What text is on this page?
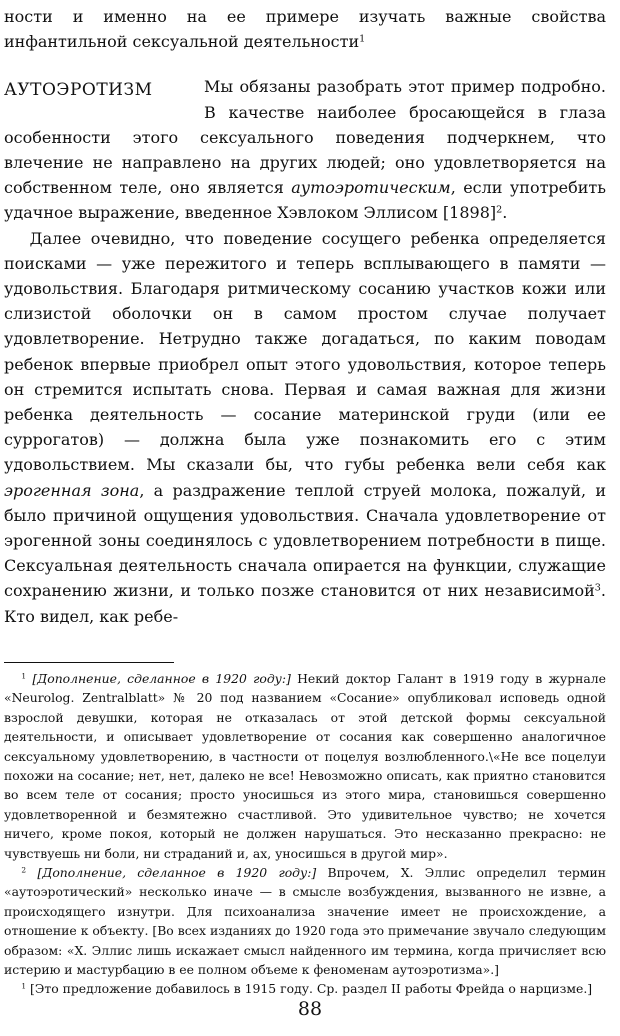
ности и именно на ее примере изучать важные свойства инфантильной сексуальной деятельности$^1$

АУТОЭРОТИЗМ	Мы обязаны разобрать этот пример подробно. В качестве наиболее бросающейся в глаза особенности этого сексуального поведения подчеркнем, что влечение не направлено на других людей; оно удовлетворяется на собственном теле, оно является аутоэротическим, если употребить удачное выражение, введенное Хэвлоком Эллисом $[1898]^2$.

Далее очевидно, что поведение сосущего ребенка определяется поисками — уже пережитого и теперь всплывающего в памяти — удовольствия. Благодаря ритмическому сосанию участков кожи или слизистой оболочки он в самом простом случае получает удовлетворение. Нетрудно также догадаться, по каким поводам ребенок впервые приобрел опыт этого удовольствия, которое теперь он стремится испытать снова. Первая и самая важная для жизни ребенка деятельность — сосание материнской груди (или ее суррогатов) — должна была уже познакомить его с этим удовольствием. Мы сказали бы, что губы ребенка вели себя как эрогенная зона, а раздражение теплой струей молока, пожалуй, и было причиной ощущения удовольствия. Сначала удовлетворение от эрогенной зоны соединялось с удовлетворением потребности в пище. Сексуальная деятельность сначала опирается на функции, служащие сохранению жизни, и только позже становится от них независимой$^3$. Кто видел, как ребе-

$^1$ [Дополнение, сделанное в 1920 году:] Некий доктор Галант в 1919 году в журнале «Neurolog. Zentralblatt» № 20 под названием «Сосание» опубликовал исповедь одной взрослой девушки, которая не отказалась от этой детской формы сексуальной деятельности, и описывает удовлетворение от сосания как совершенно аналогичное сексуальному удовлетворению, в частности от поцелуя возлюбленного.\«Не все поцелуи похожи на сосание; нет, нет, далеко не все! Невозможно описать, как приятно становится во всем теле от сосания; просто уносишься из этого мира, становишься совершенно удовлетворенной и безмятежно счастливой. Это удивительное чувство; не хочется ничего, кроме покоя, который не должен нарушаться. Это несказанно прекрасно: не чувствуешь ни боли, ни страданий и, ах, уносишься в другой мир».

$^2$ [Дополнение, сделанное в 1920 году:] Впрочем, Х. Эллис определил термин «аутоэротический» несколько иначе — в смысле возбуждения, вызванного не извне, а происходящего изнутри. Для психоанализа значение имеет не происхождение, а отношение к объекту. [Во всех изданиях до 1920 года это примечание звучало следующим образом: «Х. Эллис лишь искажает смысл найденного им термина, когда причисляет всю истерию и мастурбацию в ее полном объеме к феноменам аутоэротизма».]

$^1$ [Это предложение добавилось в 1915 году. Ср. раздел II работы Фрейда о нарцизме.]

88
